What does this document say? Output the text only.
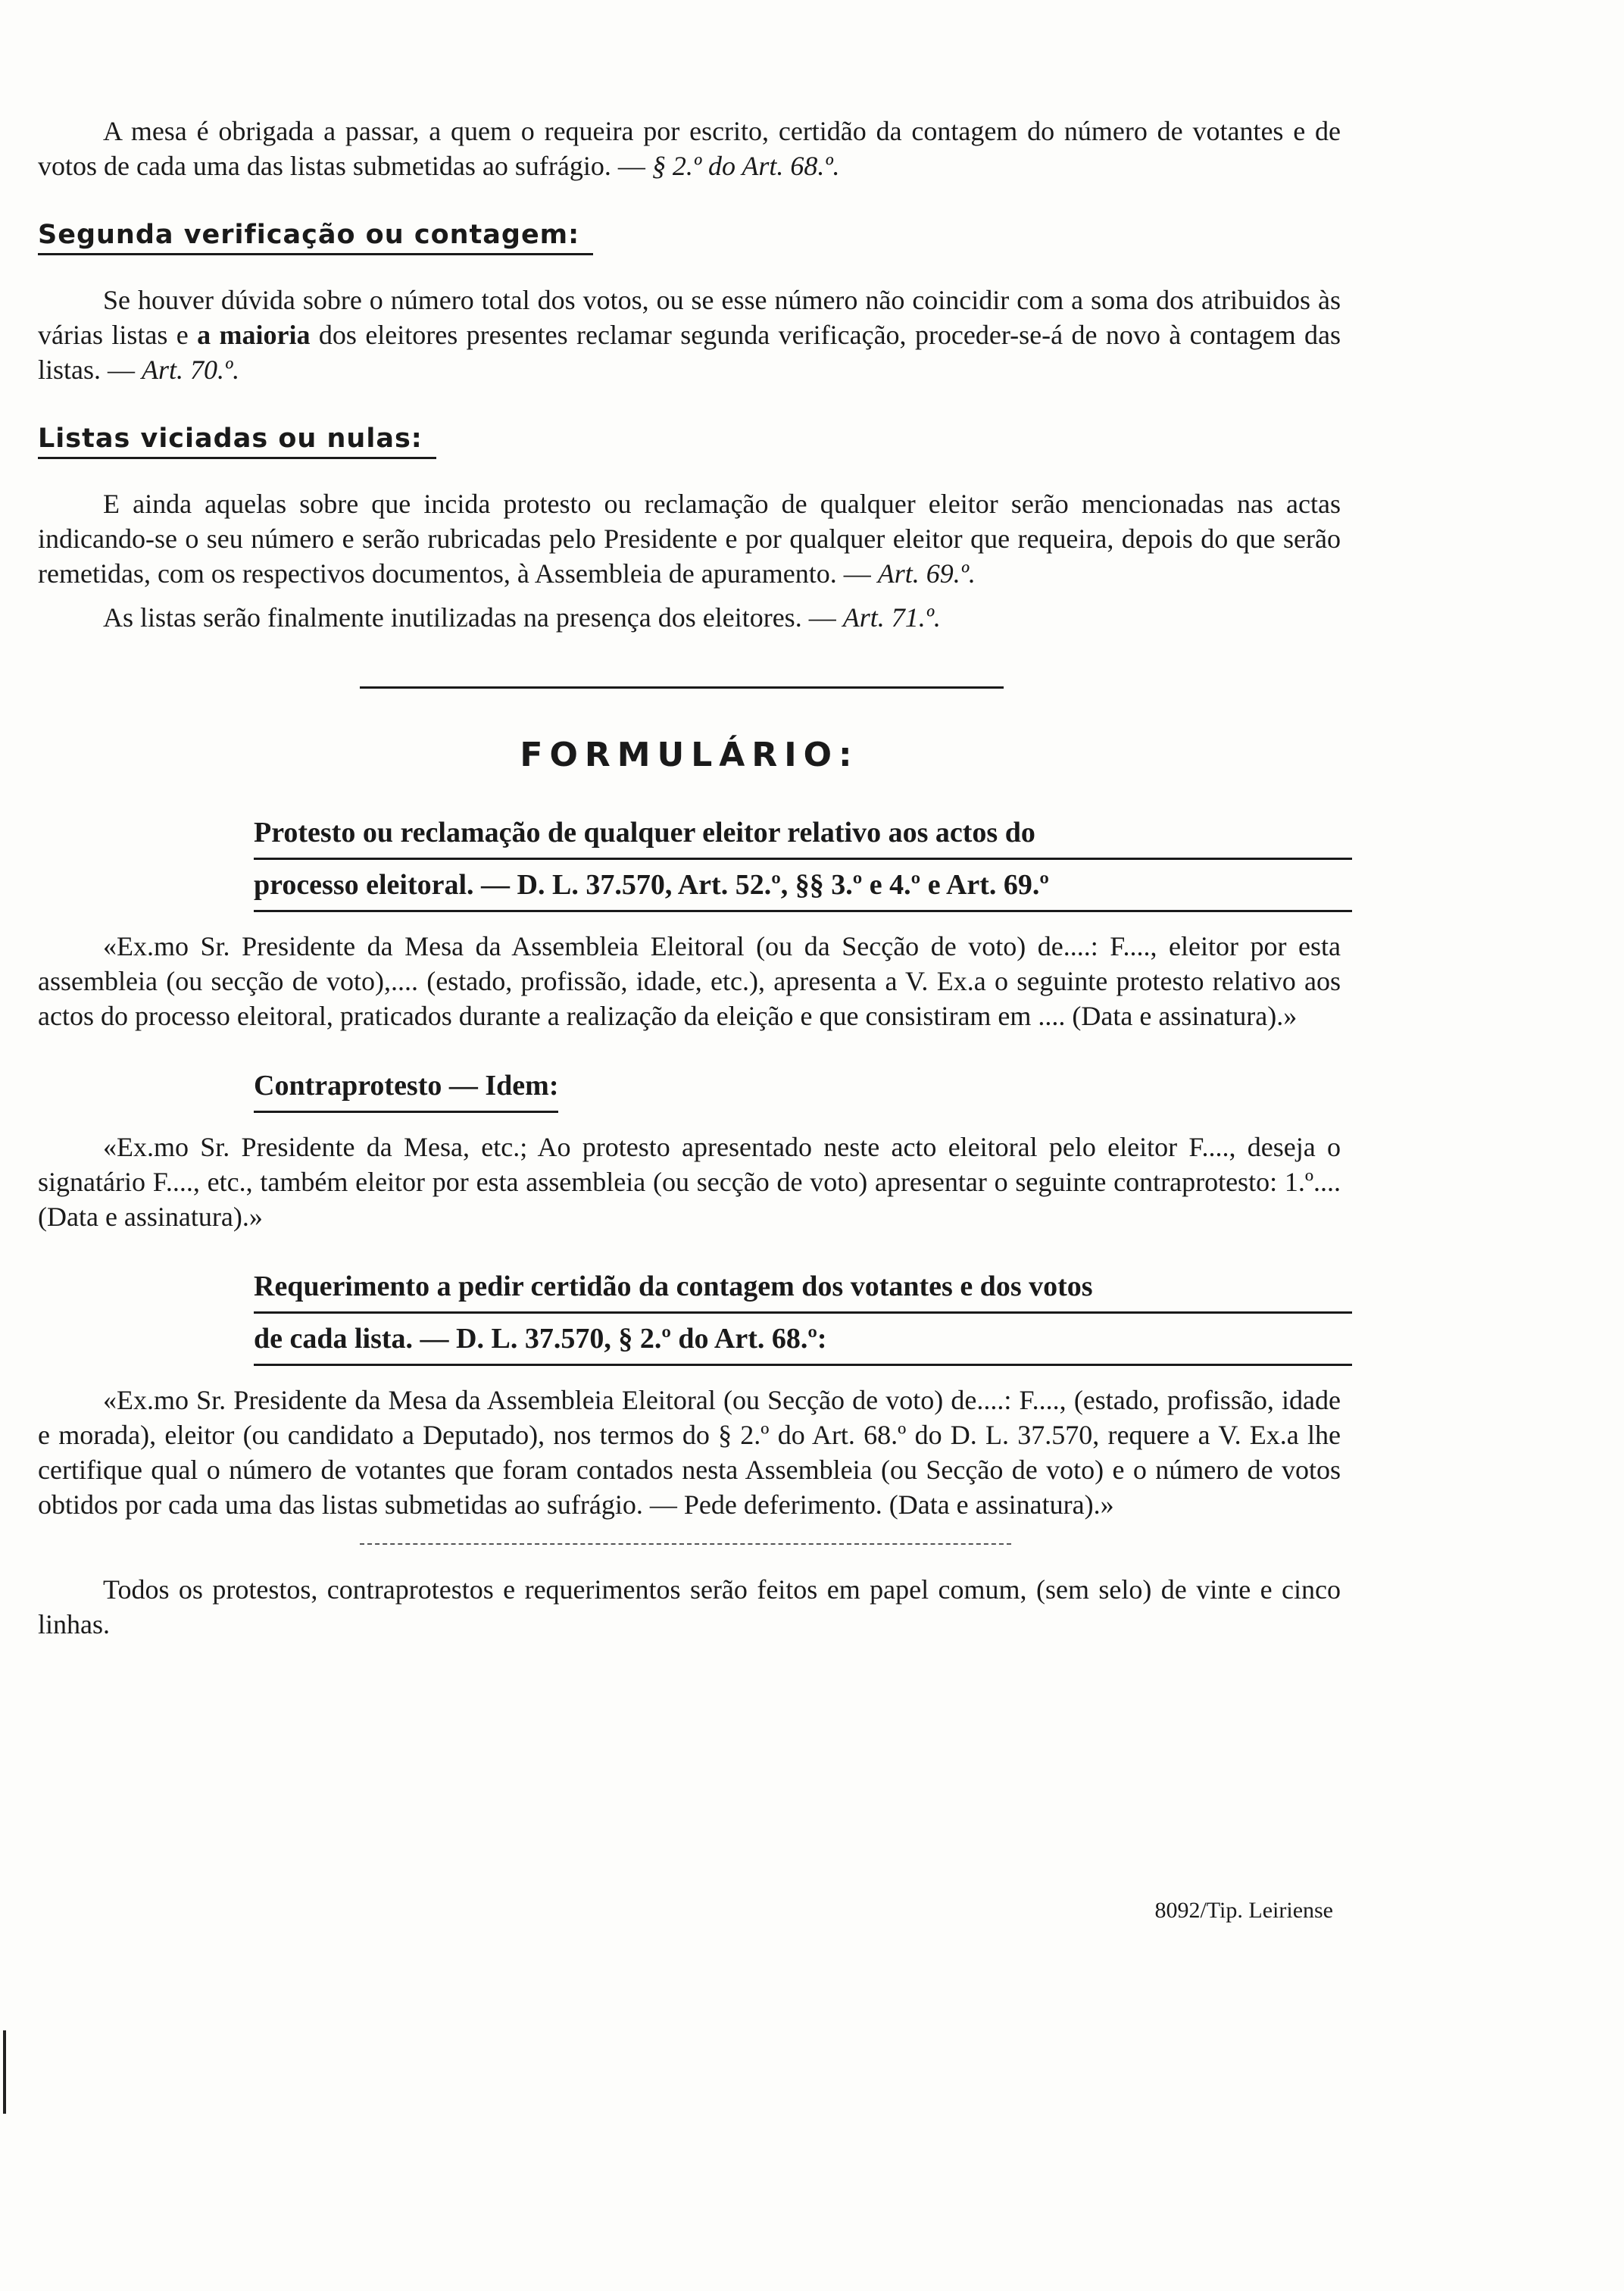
A mesa é obrigada a passar, a quem o requeira por escrito, certidão da contagem do número de votantes e de votos de cada uma das listas submetidas ao sufrágio. — § 2.º do Art. 68.º.

Segunda verificação ou contagem:

Se houver dúvida sobre o número total dos votos, ou se esse número não coincidir com a soma dos atribuidos às várias listas e a maioria dos eleitores presentes reclamar segunda verificação, proceder-se-á de novo à contagem das listas. — Art. 70.º.

Listas viciadas ou nulas:

E ainda aquelas sobre que incida protesto ou reclamação de qualquer eleitor serão mencionadas nas actas indicando-se o seu número e serão rubricadas pelo Presidente e por qualquer eleitor que requeira, depois do que serão remetidas, com os respectivos documentos, à Assembleia de apuramento. — Art. 69.º.

As listas serão finalmente inutilizadas na presença dos eleitores. — Art. 71.º.

FORMULÁRIO:
Protesto ou reclamação de qualquer eleitor relativo aos actos do
processo eleitoral. — D. L. 37.570, Art. 52.º, §§ 3.º e 4.º e Art. 69.º

«Ex.mo Sr. Presidente da Mesa da Assembleia Eleitoral (ou da Secção de voto) de....: F...., eleitor por esta assembleia (ou secção de voto),.... (estado, profissão, idade, etc.), apresenta a V. Ex.a o seguinte protesto relativo aos actos do processo eleitoral, praticados durante a realização da eleição e que consistiram em .... (Data e assinatura).»

Contraprotesto — Idem:

«Ex.mo Sr. Presidente da Mesa, etc.; Ao protesto apresentado neste acto eleitoral pelo eleitor F...., deseja o signatário F...., etc., também eleitor por esta assembleia (ou secção de voto) apresentar o seguinte contraprotesto: 1.º.... (Data e assinatura).»

Requerimento a pedir certidão da contagem dos votantes e dos votos
de cada lista. — D. L. 37.570, § 2.º do Art. 68.º:

«Ex.mo Sr. Presidente da Mesa da Assembleia Eleitoral (ou Secção de voto) de....: F...., (estado, profissão, idade e morada), eleitor (ou candidato a Deputado), nos termos do § 2.º do Art. 68.º do D. L. 37.570, requere a V. Ex.a lhe certifique qual o número de votantes que foram contados nesta Assembleia (ou Secção de voto) e o número de votos obtidos por cada uma das listas submetidas ao sufrágio. — Pede deferimento. (Data e assinatura).»

Todos os protestos, contraprotestos e requerimentos serão feitos em papel comum, (sem selo) de vinte e cinco linhas.

8092/Tip. Leiriense
